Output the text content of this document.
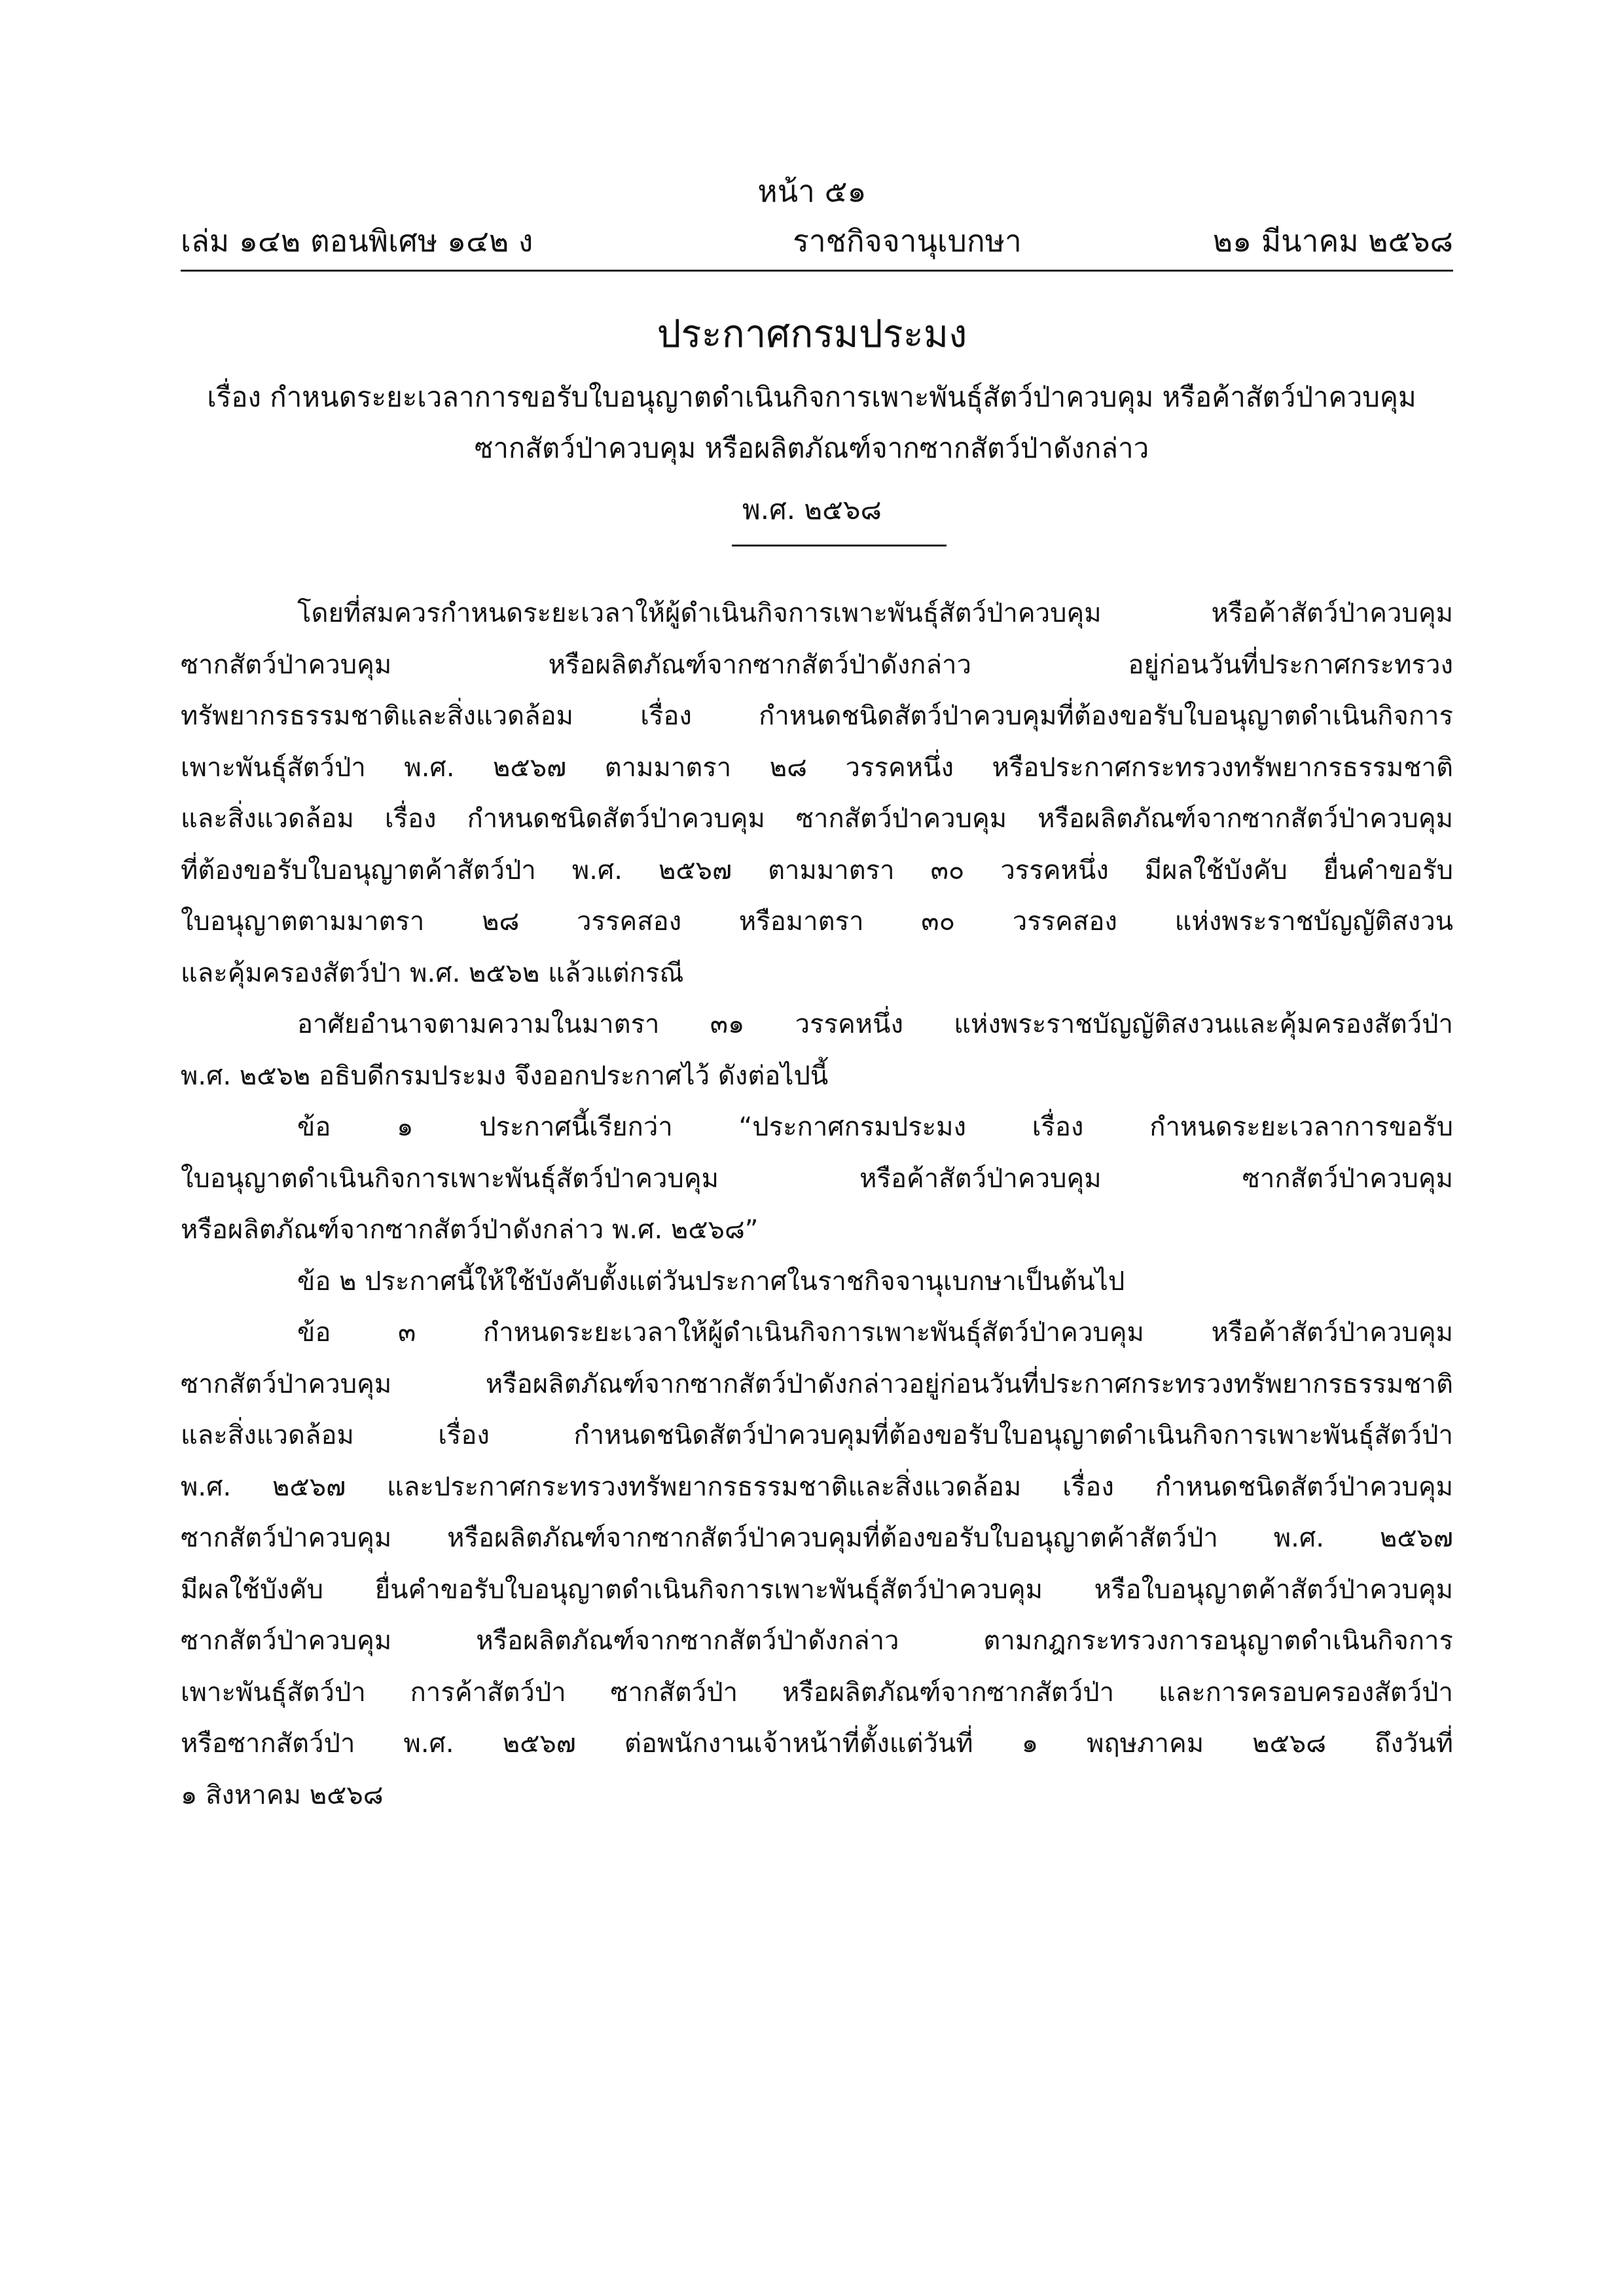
หน้า ๕๑
เล่ม ๑๔๒ ตอนพิเศษ ๑๔๒ ง	ราชกิจจานุเบกษา	๒๑ มีนาคม ๒๕๖๘
ประกาศกรมประมง
เรื่อง กำหนดระยะเวลาการขอรับใบอนุญาตดำเนินกิจการเพาะพันธุ์สัตว์ป่าควบคุม หรือค้าสัตว์ป่าควบคุม
ซากสัตว์ป่าควบคุม หรือผลิตภัณฑ์จากซากสัตว์ป่าดังกล่าว
พ.ศ. ๒๕๖๘
โดยที่สมควรกำหนดระยะเวลาให้ผู้ดำเนินกิจการเพาะพันธุ์สัตว์ป่าควบคุม หรือค้าสัตว์ป่าควบคุม
ซากสัตว์ป่าควบคุม หรือผลิตภัณฑ์จากซากสัตว์ป่าดังกล่าว อยู่ก่อนวันที่ประกาศกระทรวง
ทรัพยากรธรรมชาติและสิ่งแวดล้อม เรื่อง กำหนดชนิดสัตว์ป่าควบคุมที่ต้องขอรับใบอนุญาตดำเนินกิจการ
เพาะพันธุ์สัตว์ป่า พ.ศ. ๒๕๖๗ ตามมาตรา ๒๘ วรรคหนึ่ง หรือประกาศกระทรวงทรัพยากรธรรมชาติ
และสิ่งแวดล้อม เรื่อง กำหนดชนิดสัตว์ป่าควบคุม ซากสัตว์ป่าควบคุม หรือผลิตภัณฑ์จากซากสัตว์ป่าควบคุม
ที่ต้องขอรับใบอนุญาตค้าสัตว์ป่า พ.ศ. ๒๕๖๗ ตามมาตรา ๓๐ วรรคหนึ่ง มีผลใช้บังคับ ยื่นคำขอรับ
ใบอนุญาตตามมาตรา ๒๘ วรรคสอง หรือมาตรา ๓๐ วรรคสอง แห่งพระราชบัญญัติสงวน
และคุ้มครองสัตว์ป่า พ.ศ. ๒๕๖๒ แล้วแต่กรณี
อาศัยอำนาจตามความในมาตรา ๓๑ วรรคหนึ่ง แห่งพระราชบัญญัติสงวนและคุ้มครองสัตว์ป่า
พ.ศ. ๒๕๖๒ อธิบดีกรมประมง จึงออกประกาศไว้ ดังต่อไปนี้
ข้อ ๑ ประกาศนี้เรียกว่า “ประกาศกรมประมง เรื่อง กำหนดระยะเวลาการขอรับ
ใบอนุญาตดำเนินกิจการเพาะพันธุ์สัตว์ป่าควบคุม หรือค้าสัตว์ป่าควบคุม ซากสัตว์ป่าควบคุม
หรือผลิตภัณฑ์จากซากสัตว์ป่าดังกล่าว พ.ศ. ๒๕๖๘”
ข้อ ๒ ประกาศนี้ให้ใช้บังคับตั้งแต่วันประกาศในราชกิจจานุเบกษาเป็นต้นไป
ข้อ ๓ กำหนดระยะเวลาให้ผู้ดำเนินกิจการเพาะพันธุ์สัตว์ป่าควบคุม หรือค้าสัตว์ป่าควบคุม
ซากสัตว์ป่าควบคุม หรือผลิตภัณฑ์จากซากสัตว์ป่าดังกล่าวอยู่ก่อนวันที่ประกาศกระทรวงทรัพยากรธรรมชาติ
และสิ่งแวดล้อม เรื่อง กำหนดชนิดสัตว์ป่าควบคุมที่ต้องขอรับใบอนุญาตดำเนินกิจการเพาะพันธุ์สัตว์ป่า
พ.ศ. ๒๕๖๗ และประกาศกระทรวงทรัพยากรธรรมชาติและสิ่งแวดล้อม เรื่อง กำหนดชนิดสัตว์ป่าควบคุม
ซากสัตว์ป่าควบคุม หรือผลิตภัณฑ์จากซากสัตว์ป่าควบคุมที่ต้องขอรับใบอนุญาตค้าสัตว์ป่า พ.ศ. ๒๕๖๗
มีผลใช้บังคับ ยื่นคำขอรับใบอนุญาตดำเนินกิจการเพาะพันธุ์สัตว์ป่าควบคุม หรือใบอนุญาตค้าสัตว์ป่าควบคุม
ซากสัตว์ป่าควบคุม หรือผลิตภัณฑ์จากซากสัตว์ป่าดังกล่าว ตามกฎกระทรวงการอนุญาตดำเนินกิจการ
เพาะพันธุ์สัตว์ป่า การค้าสัตว์ป่า ซากสัตว์ป่า หรือผลิตภัณฑ์จากซากสัตว์ป่า และการครอบครองสัตว์ป่า
หรือซากสัตว์ป่า พ.ศ. ๒๕๖๗ ต่อพนักงานเจ้าหน้าที่ตั้งแต่วันที่ ๑ พฤษภาคม ๒๕๖๘ ถึงวันที่
๑ สิงหาคม ๒๕๖๘
